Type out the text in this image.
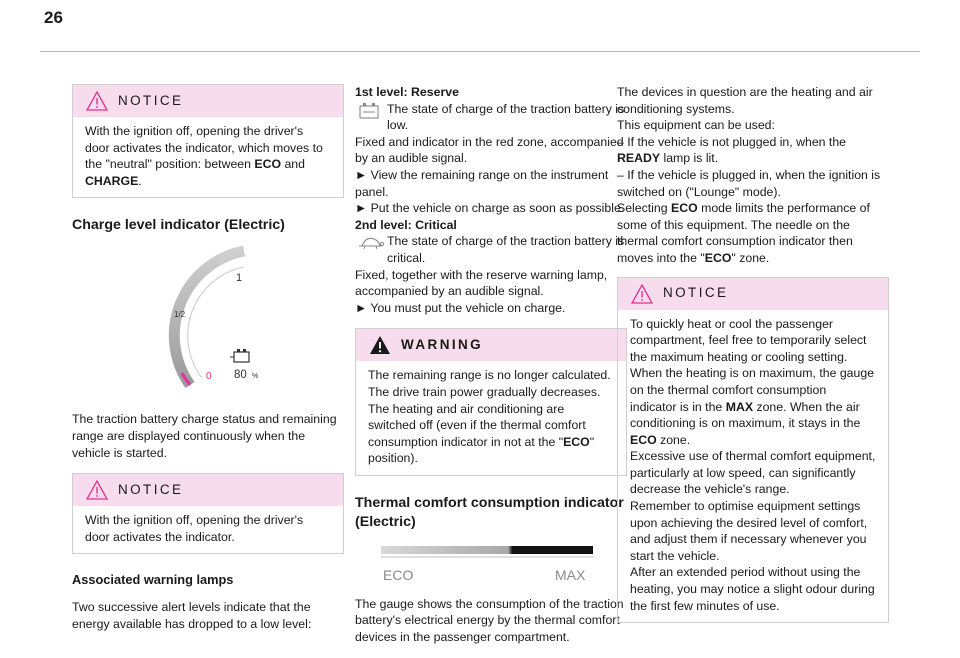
26
NOTICE
With the ignition off, opening the driver's door activates the indicator, which moves to the "neutral" position: between ECO and CHARGE.
Charge level indicator (Electric)
1
1/2
0 80 %

The traction battery charge status and remaining range are displayed continuously when the vehicle is started.

NOTICE
With the ignition off, opening the driver's door activates the indicator.
Associated warning lamps

Two successive alert levels indicate that the energy available has dropped to a low level:

1st level: Reserve
The state of charge of the traction battery is low.
Fixed and indicator in the red zone, accompanied by an audible signal.
► View the remaining range on the instrument panel.
► Put the vehicle on charge as soon as possible.
2nd level: Critical
The state of charge of the traction battery is critical.
Fixed, together with the reserve warning lamp, accompanied by an audible signal.
► You must put the vehicle on charge.
WARNING
The remaining range is no longer calculated. The drive train power gradually decreases. The heating and air conditioning are switched off (even if the thermal comfort consumption indicator in not at the "ECO" position).
Thermal comfort consumption indicator (Electric)
ECO	MAX

The gauge shows the consumption of the traction battery's electrical energy by the thermal comfort devices in the passenger compartment.

The devices in question are the heating and air conditioning systems.
This equipment can be used:
– If the vehicle is not plugged in, when the READY lamp is lit.
– If the vehicle is plugged in, when the ignition is switched on ("Lounge" mode).
Selecting ECO mode limits the performance of some of this equipment. The needle on the thermal comfort consumption indicator then moves into the "ECO" zone.
NOTICE
To quickly heat or cool the passenger compartment, feel free to temporarily select the maximum heating or cooling setting.
When the heating is on maximum, the gauge on the thermal comfort consumption indicator is in the MAX zone. When the air conditioning is on maximum, it stays in the ECO zone.
Excessive use of thermal comfort equipment, particularly at low speed, can significantly decrease the vehicle's range.
Remember to optimise equipment settings upon achieving the desired level of comfort, and adjust them if necessary whenever you start the vehicle.
After an extended period without using the heating, you may notice a slight odour during the first few minutes of use.
